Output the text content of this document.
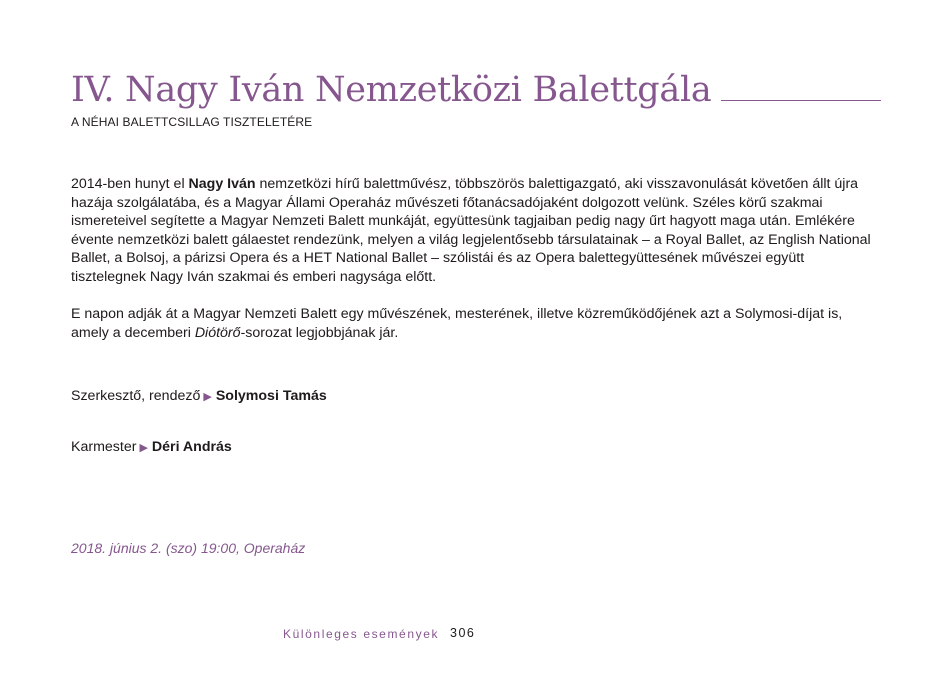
IV. Nagy Iván Nemzetközi Balettgála
A NÉHAI BALETTCSILLAG TISZTELETÉRE

2014-ben hunyt el Nagy Iván nemzetközi hírű balettművész, többszörös balettigazgató, aki visszavonulását követően állt újra hazája szolgálatába, és a Magyar Állami Operaház művészeti főtanácsadójaként dolgozott velünk. Széles körű szakmai ismereteivel segítette a Magyar Nemzeti Balett munkáját, együttesünk tagjaiban pedig nagy űrt hagyott maga után. Emlékére évente nemzetközi balett gálaestet rendezünk, melyen a világ legjelentősebb társulatainak – a Royal Ballet, az English National Ballet, a Bolsoj, a párizsi Opera és a HET National Ballet – szólistái és az Opera balettegyüttesének művészei együtt tisztelegnek Nagy Iván szakmai és emberi nagysága előtt.

E napon adják át a Magyar Nemzeti Balett egy művészének, mesterének, illetve közreműködőjének azt a Solymosi-díjat is, amely a decemberi Diótörő-sorozat legjobbjának jár.

Szerkesztő, rendező ▶ Solymosi Tamás
Karmester ▶ Déri András
2018. június 2. (szo) 19:00, Operaház
Különleges események 306
